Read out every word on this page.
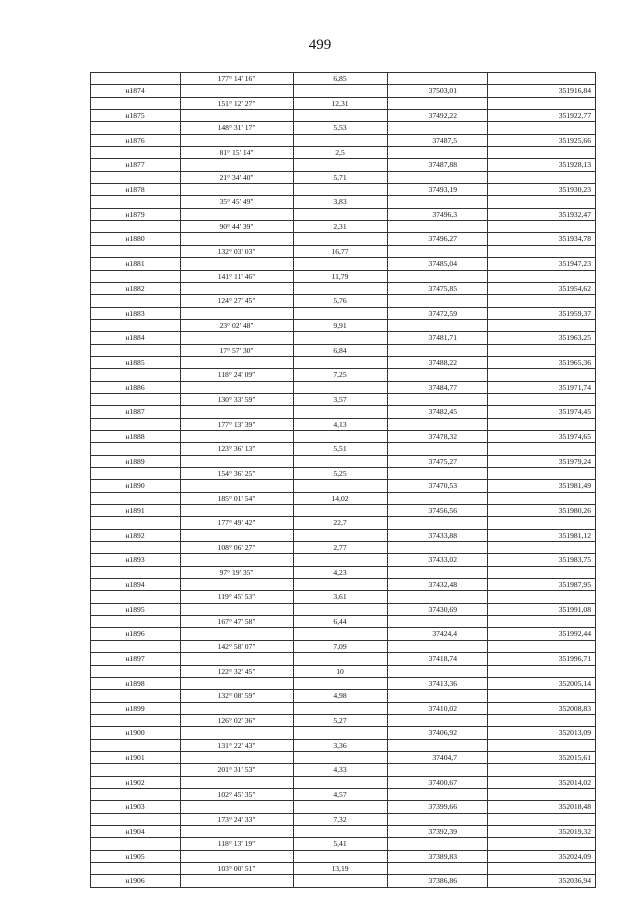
499
177° 14' 16"	6,85
н1874	37503,01	351916,84
151° 12' 27"	12,31
н1875	37492,22	351922,77
148° 31' 17"	5,53
н1876	37487,5	351925,66
81° 15' 14"	2,5
н1877	37487,88	351928,13
21° 34' 40"	5,71
н1878	37493,19	351930,23
35° 45' 49"	3,83
н1879	37496,3	351932,47
90° 44' 39"	2,31
н1880	37496,27	351934,78
132° 03' 03"	16,77
н1881	37485,04	351947,23
141° 11' 46"	11,79
н1882	37475,85	351954,62
124° 27' 45"	5,76
н1883	37472,59	351959,37
23° 02' 48"	9,91
н1884	37481,71	351963,25
17° 57' 30"	6,84
н1885	37488,22	351965,36
118° 24' 09"	7,25
н1886	37484,77	351971,74
130° 33' 59"	3,57
н1887	37482,45	351974,45
177° 13' 39"	4,13
н1888	37478,32	351974,65
123° 36' 13"	5,51
н1889	37475,27	351979,24
154° 36' 25"	5,25
н1890	37470,53	351981,49
185° 01' 54"	14,02
н1891	37456,56	351980,26
177° 49' 42"	22,7
н1892	37433,88	351981,12
108° 06' 27"	2,77
н1893	37433,02	351983,75
97° 19' 35"	4,23
н1894	37432,48	351987,95
119° 45' 53"	3,61
н1895	37430,69	351991,08
167° 47' 58"	6,44
н1896	37424,4	351992,44
142° 58' 07"	7,09
н1897	37418,74	351996,71
122° 32' 45"	10
н1898	37413,36	352005,14
132° 08' 59"	4,98
н1899	37410,02	352008,83
126° 02' 36"	5,27
н1900	37406,92	352013,09
131° 22' 43"	3,36
н1901	37404,7	352015,61
201° 31' 53"	4,33
н1902	37400,67	352014,02
102° 45' 35"	4,57
н1903	37399,66	352018,48
173° 24' 33"	7,32
н1904	37392,39	352019,32
118° 13' 19"	5,41
н1905	37389,83	352024,09
103° 00' 51"	13,19
н1906	37386,86	352036,94
